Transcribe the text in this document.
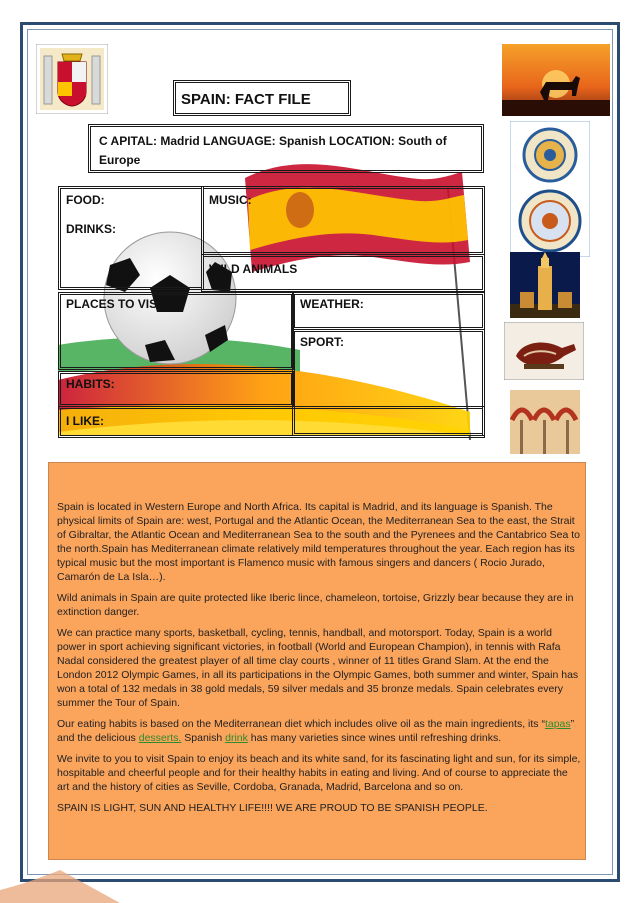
SPAIN: FACT FILE
C APITAL: Madrid LANGUAGE: Spanish LOCATION: South of Europe
FOOD:
DRINKS:
MUSIC:
WILD ANIMALS
PLACES TO VISIT	WEATHER:
SPORT:
HABITS:
I LIKE:

Spain is located in Western Europe and North Africa. Its capital is Madrid, and its language is Spanish. The physical limits of Spain are: west, Portugal and the Atlantic Ocean, the Mediterranean Sea to the east, the Strait of Gibraltar, the Atlantic Ocean and Mediterranean Sea to the south and the Pyrenees and the Cantabrico Sea to the north.Spain has Mediterranean climate relatively mild temperatures throughout the year. Each region has its typical music but the most important is Flamenco music with famous singers and dancers ( Rocio Jurado, Camarón de La Isla…).

Wild animals in Spain are quite protected like Iberic lince, chameleon, tortoise, Grizzly bear because they are in extinction danger.

We can practice many sports, basketball, cycling, tennis, handball, and motorsport. Today, Spain is a world power in sport achieving significant victories, in football (World and European Champion), in tennis with Rafa Nadal considered the greatest player of all time clay courts , winner of 11 titles Grand Slam. At the end the London 2012 Olympic Games, in all its participations in the Olympic Games, both summer and winter, Spain has won a total of 132 medals in 38 gold medals, 59 silver medals and 35 bronze medals. Spain celebrates every summer the Tour of Spain.

Our eating habits is based on the Mediterranean diet which includes olive oil as the main ingredients, its “tapas” and the delicious desserts. Spanish drink has many varieties since wines until refreshing drinks.

We invite to you to visit Spain to enjoy its beach and its white sand, for its fascinating light and sun, for its simple, hospitable and cheerful people and for their healthy habits in eating and living. And of course to appreciate the art and the history of cities as Seville, Cordoba, Granada, Madrid, Barcelona and so on.

SPAIN IS LIGHT, SUN AND HEALTHY LIFE!!!! WE ARE PROUD TO BE SPANISH PEOPLE.
